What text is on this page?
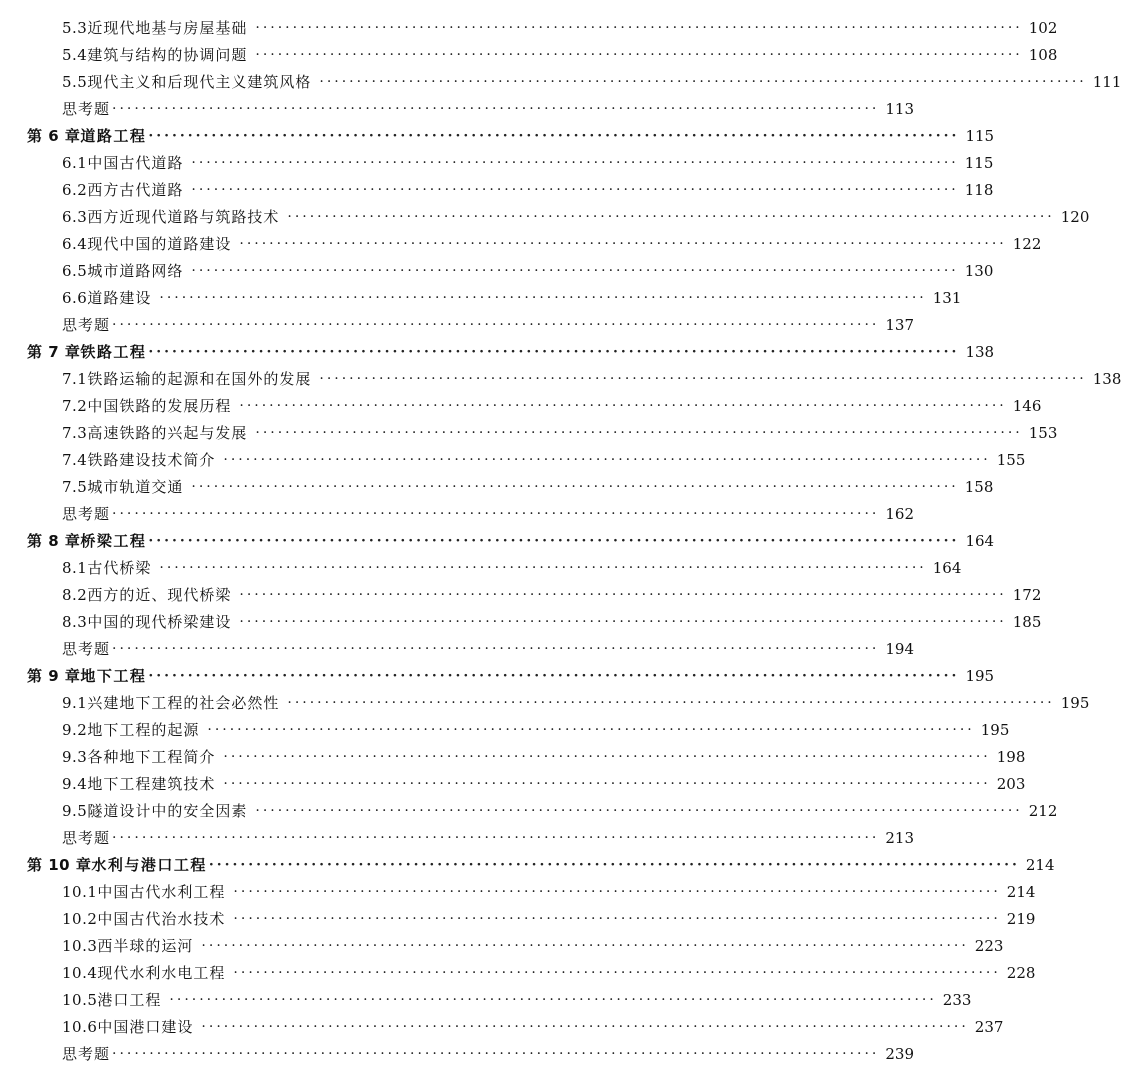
5.3 近现代地基与房屋基础 ······································································································· 102
5.4 建筑与结构的协调问题 ······································································································· 108
5.5 现代主义和后现代主义建筑风格 ······································································································· 111
思考题 ······································································································· 113
第 6 章 道路工程 ······································································································· 115
6.1 中国古代道路 ······································································································· 115
6.2 西方古代道路 ······································································································· 118
6.3 西方近现代道路与筑路技术 ······································································································· 120
6.4 现代中国的道路建设 ······································································································· 122
6.5 城市道路网络 ······································································································· 130
6.6 道路建设 ······································································································· 131
思考题 ······································································································· 137
第 7 章 铁路工程 ······································································································· 138
7.1 铁路运输的起源和在国外的发展 ······································································································· 138
7.2 中国铁路的发展历程 ······································································································· 146
7.3 高速铁路的兴起与发展 ······································································································· 153
7.4 铁路建设技术简介 ······································································································· 155
7.5 城市轨道交通 ······································································································· 158
思考题 ······································································································· 162
第 8 章 桥梁工程 ······································································································· 164
8.1 古代桥梁 ······································································································· 164
8.2 西方的近、现代桥梁 ······································································································· 172
8.3 中国的现代桥梁建设 ······································································································· 185
思考题 ······································································································· 194
第 9 章 地下工程 ······································································································· 195
9.1 兴建地下工程的社会必然性 ······································································································· 195
9.2 地下工程的起源 ······································································································· 195
9.3 各种地下工程简介 ······································································································· 198
9.4 地下工程建筑技术 ······································································································· 203
9.5 隧道设计中的安全因素 ······································································································· 212
思考题 ······································································································· 213
第 10 章 水利与港口工程 ······································································································· 214
10.1 中国古代水利工程 ······································································································· 214
10.2 中国古代治水技术 ······································································································· 219
10.3 西半球的运河 ······································································································· 223
10.4 现代水利水电工程 ······································································································· 228
10.5 港口工程 ······································································································· 233
10.6 中国港口建设 ······································································································· 237
思考题 ······································································································· 239
